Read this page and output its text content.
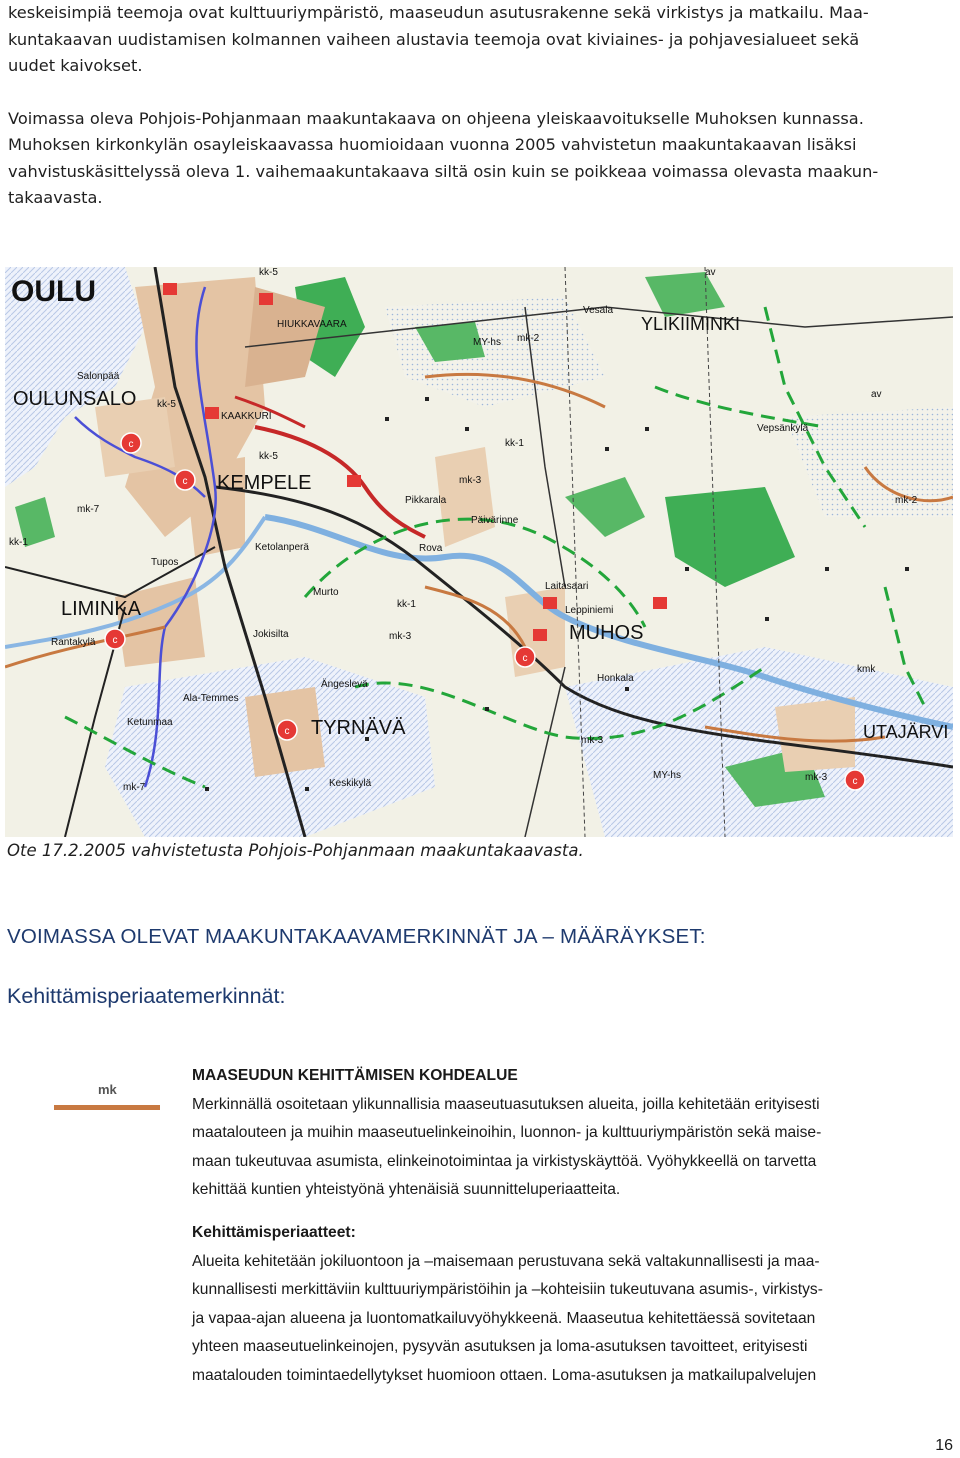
keskeisimpiä teemoja ovat kulttuuriympäristö, maaseudun asutusrakenne sekä virkistys ja matkailu. Maa-
kuntakaavan uudistamisen kolmannen vaiheen alustavia teemoja ovat kiviaines- ja pohjavesialueet sekä
uudet kaivokset.

Voimassa oleva Pohjois-Pohjanmaan maakuntakaava on ohjeena yleiskaavoitukselle Muhoksen kunnassa.
Muhoksen kirkonkylän osayleiskaavassa huomioidaan vuonna 2005 vahvistetun maakuntakaavan lisäksi
vahvistuskäsittelyssä oleva 1. vaihemaakuntakaava siltä osin kuin se poikkeaa voimassa olevasta maakun-
takaavasta.

c
c
c
c
c
c
OULU
OULUNSALO
KEMPELE
LIMINKA
MUHOS
TYRNÄVÄ
YLIKIIMINKI
UTAJÄRVI
HIUKKAVAARA
KAAKKURI
Salonpää
Vesala
Vepsänkylä
Pikkarala
Päivärinne
Rova
Ketolanperä
Tupos
Murto
Rantakylä
Jokisilta
Ala-Temmes
Ängeslevä
Ketunmaa
Keskikylä
Honkala
Laitasaari
Leppiniemi
mk-2
mk-2
mk-3
mk-3
mk-3
mk-3
mk-7
mk-7
kk-1
kk-1
kk-1
kk-5
kk-5
kk-5
MY-hs
MY-hs
kmk
av
av
Ote 17.2.2005 vahvistetusta Pohjois-Pohjanmaan maakuntakaavasta.
VOIMASSA OLEVAT MAAKUNTAKAAVAMERKINNÄT JA – MÄÄRÄYKSET:
Kehittämisperiaatemerkinnät:
mk
MAASEUDUN KEHITTÄMISEN KOHDEALUE
Merkinnällä osoitetaan ylikunnallisia maaseutuasutuksen alueita, joilla kehitetään erityisesti
maatalouteen ja muihin maaseutuelinkeinoihin, luonnon- ja kulttuuriympäristön sekä maise-
maan tukeutuvaa asumista, elinkeinotoimintaa ja virkistyskäyttöä. Vyöhykkeellä on tarvetta
kehittää kuntien yhteistyönä yhtenäisiä suunnitteluperiaatteita.
Kehittämisperiaatteet:
Alueita kehitetään jokiluontoon ja –maisemaan perustuvana sekä valtakunnallisesti ja maa-
kunnallisesti merkittäviin kulttuuriympäristöihin ja –kohteisiin tukeutuvana asumis-, virkistys-
ja vapaa-ajan alueena ja luontomatkailuvyöhykkeenä. Maaseutua kehitettäessä sovitetaan
yhteen maaseutuelinkeinojen, pysyvän asutuksen ja loma-asutuksen tavoitteet, erityisesti
maatalouden toimintaedellytykset huomioon ottaen. Loma-asutuksen ja matkailupalvelujen
16
